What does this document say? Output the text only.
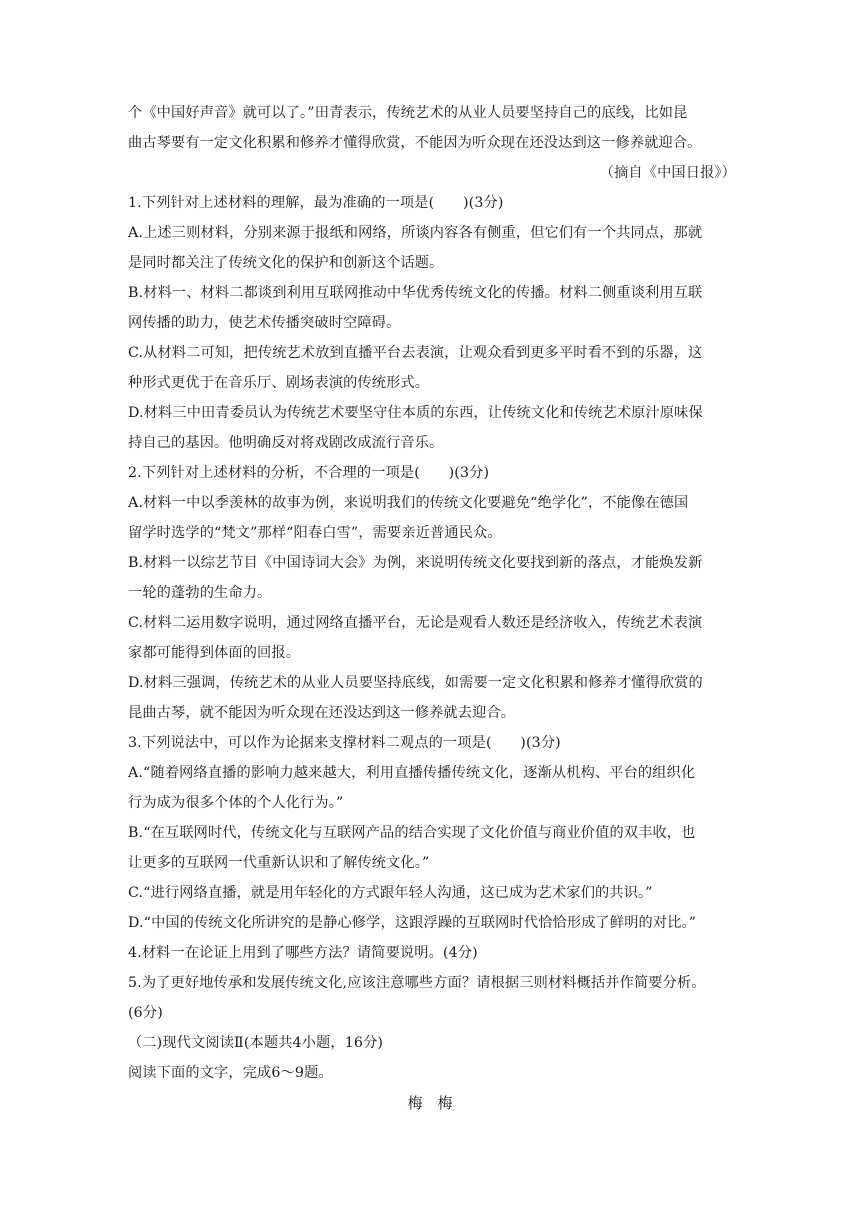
个《中国好声音》就可以了。”田青表示，传统艺术的从业人员要坚持自己的底线，比如昆
曲古琴要有一定文化积累和修养才懂得欣赏，不能因为听众现在还没达到这一修养就迎合。
（摘自《中国日报》）
1.下列针对上述材料的理解，最为准确的一项是(　　)(3分)
A.上述三则材料，分别来源于报纸和网络，所谈内容各有侧重，但它们有一个共同点，那就
是同时都关注了传统文化的保护和创新这个话题。
B.材料一、材料二都谈到利用互联网推动中华优秀传统文化的传播。材料二侧重谈利用互联
网传播的助力，使艺术传播突破时空障碍。
C.从材料二可知，把传统艺术放到直播平台去表演，让观众看到更多平时看不到的乐器，这
种形式更优于在音乐厅、剧场表演的传统形式。
D.材料三中田青委员认为传统艺术要坚守住本质的东西，让传统文化和传统艺术原汁原味保
持自己的基因。他明确反对将戏剧改成流行音乐。
2.下列针对上述材料的分析，不合理的一项是(　　)(3分)
A.材料一中以季羡林的故事为例，来说明我们的传统文化要避免“绝学化”，不能像在德国
留学时选学的“梵文”那样“阳春白雪”，需要亲近普通民众。
B.材料一以综艺节目《中国诗词大会》为例，来说明传统文化要找到新的落点，才能焕发新
一轮的蓬勃的生命力。
C.材料二运用数字说明，通过网络直播平台，无论是观看人数还是经济收入，传统艺术表演
家都可能得到体面的回报。
D.材料三强调，传统艺术的从业人员要坚持底线，如需要一定文化积累和修养才懂得欣赏的
昆曲古琴，就不能因为听众现在还没达到这一修养就去迎合。
3.下列说法中，可以作为论据来支撑材料二观点的一项是(　　)(3分)
A.“随着网络直播的影响力越来越大，利用直播传播传统文化，逐渐从机构、平台的组织化
行为成为很多个体的个人化行为。”
B.“在互联网时代，传统文化与互联网产品的结合实现了文化价值与商业价值的双丰收，也
让更多的互联网一代重新认识和了解传统文化。”
C.“进行网络直播，就是用年轻化的方式跟年轻人沟通，这已成为艺术家们的共识。”
D.“中国的传统文化所讲究的是静心修学，这跟浮躁的互联网时代恰恰形成了鲜明的对比。”
4.材料一在论证上用到了哪些方法？请简要说明。(4分)
5.为了更好地传承和发展传统文化,应该注意哪些方面？请根据三则材料概括并作简要分析。
(6分)
（二)现代文阅读Ⅱ(本题共4小题，16分)
阅读下面的文字，完成6～9题。
梅　梅
